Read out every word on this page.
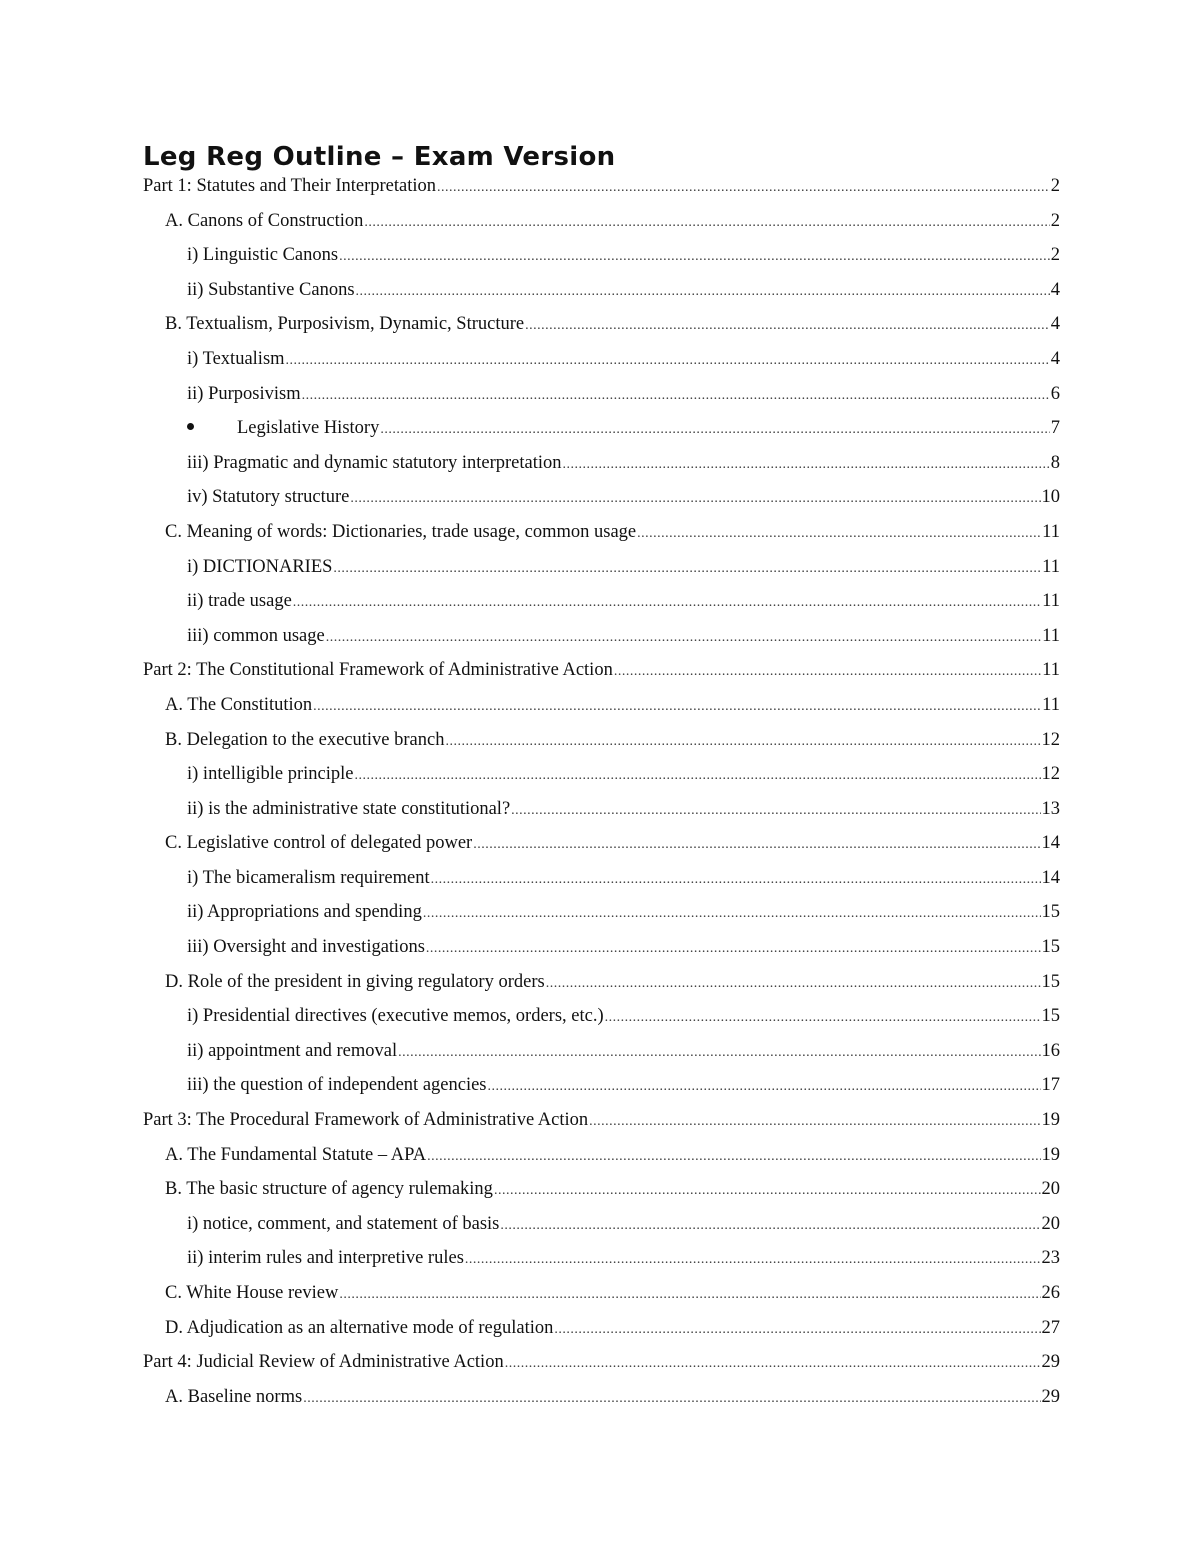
Leg Reg Outline – Exam Version
Part 1: Statutes and Their Interpretation .....	2
A. Canons of Construction .....	2
i) Linguistic Canons .....	2
ii) Substantive Canons .....	4
B. Textualism, Purposivism, Dynamic, Structure .....	4
i) Textualism .....	4
ii) Purposivism .....	6
Legislative History .....	7
iii) Pragmatic and dynamic statutory interpretation .....	8
iv) Statutory structure .....	10
C. Meaning of words: Dictionaries, trade usage, common usage .....	11
i) DICTIONARIES .....	11
ii) trade usage .....	11
iii) common usage .....	11
Part 2: The Constitutional Framework of Administrative Action .....	11
A. The Constitution .....	11
B. Delegation to the executive branch .....	12
i) intelligible principle .....	12
ii) is the administrative state constitutional? .....	13
C. Legislative control of delegated power .....	14
i) The bicameralism requirement .....	14
ii) Appropriations and spending .....	15
iii) Oversight and investigations .....	15
D. Role of the president in giving regulatory orders .....	15
i) Presidential directives (executive memos, orders, etc.) .....	15
ii) appointment and removal .....	16
iii) the question of independent agencies .....	17
Part 3: The Procedural Framework of Administrative Action .....	19
A. The Fundamental Statute – APA .....	19
B. The basic structure of agency rulemaking .....	20
i) notice, comment, and statement of basis .....	20
ii) interim rules and interpretive rules .....	23
C. White House review .....	26
D. Adjudication as an alternative mode of regulation .....	27
Part 4: Judicial Review of Administrative Action .....	29
A. Baseline norms .....	29
